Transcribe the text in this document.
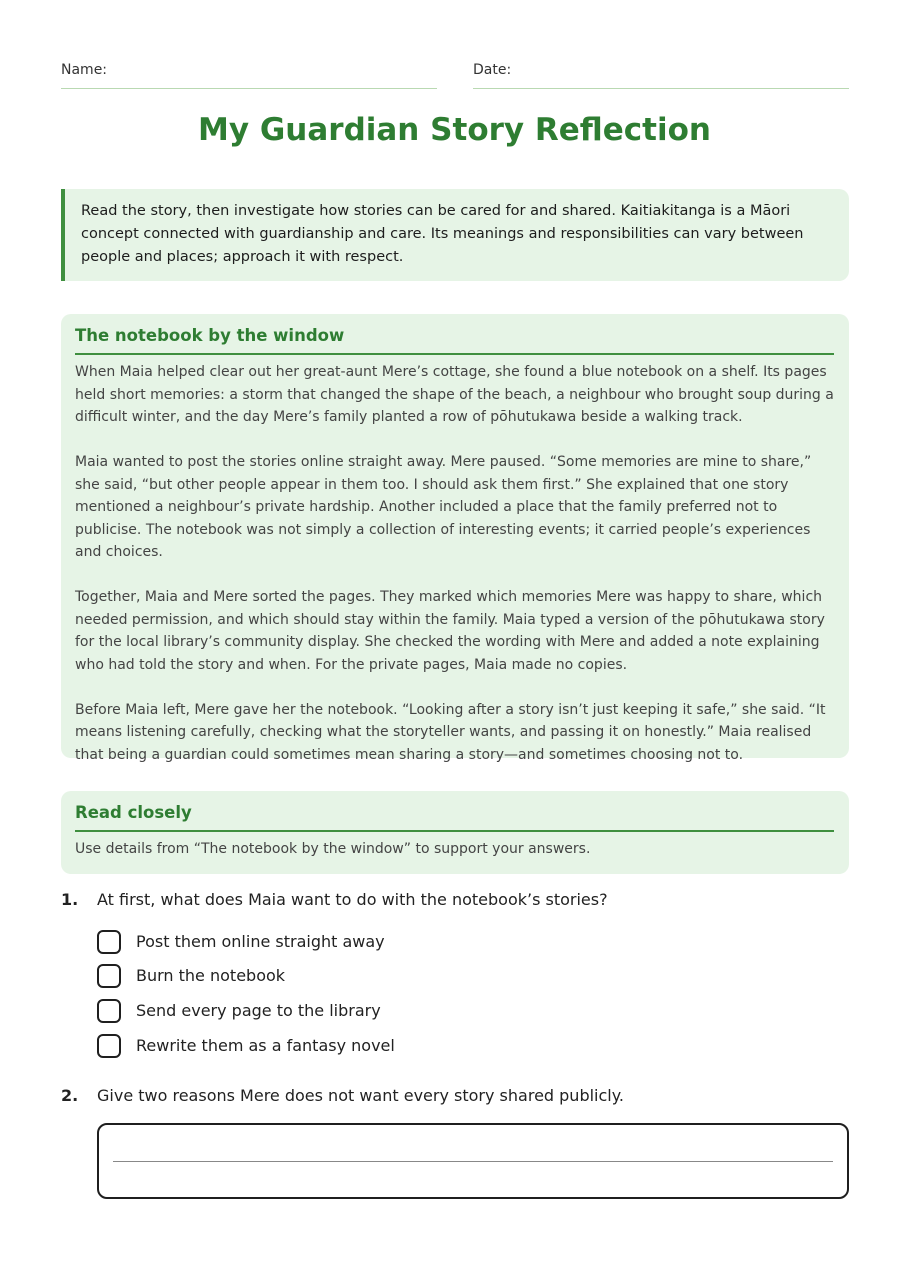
Name:	Date:
My Guardian Story Reflection

Read the story, then investigate how stories can be cared for and shared. Kaitiakitanga is a Māori concept connected with guardianship and care. Its meanings and responsibilities can vary between people and places; approach it with respect.

The notebook by the window

When Maia helped clear out her great-aunt Mere’s cottage, she found a blue notebook on a shelf. Its pages held short memories: a storm that changed the shape of the beach, a neighbour who brought soup during a difficult winter, and the day Mere’s family planted a row of pōhutukawa beside a walking track.

Maia wanted to post the stories online straight away. Mere paused. “Some memories are mine to share,” she said, “but other people appear in them too. I should ask them first.” She explained that one story mentioned a neighbour’s private hardship. Another included a place that the family preferred not to publicise. The notebook was not simply a collection of interesting events; it carried people’s experiences and choices.

Together, Maia and Mere sorted the pages. They marked which memories Mere was happy to share, which needed permission, and which should stay within the family. Maia typed a version of the pōhutukawa story for the local library’s community display. She checked the wording with Mere and added a note explaining who had told the story and when. For the private pages, Maia made no copies.

Before Maia left, Mere gave her the notebook. “Looking after a story isn’t just keeping it safe,” she said. “It means listening carefully, checking what the storyteller wants, and passing it on honestly.” Maia realised that being a guardian could sometimes mean sharing a story—and sometimes choosing not to.

Read closely

Use details from “The notebook by the window” to support your answers.

1. At first, what does Maia want to do with the notebook’s stories?
Post them online straight away
Burn the notebook
Send every page to the library
Rewrite them as a fantasy novel
2. Give two reasons Mere does not want every story shared publicly.
